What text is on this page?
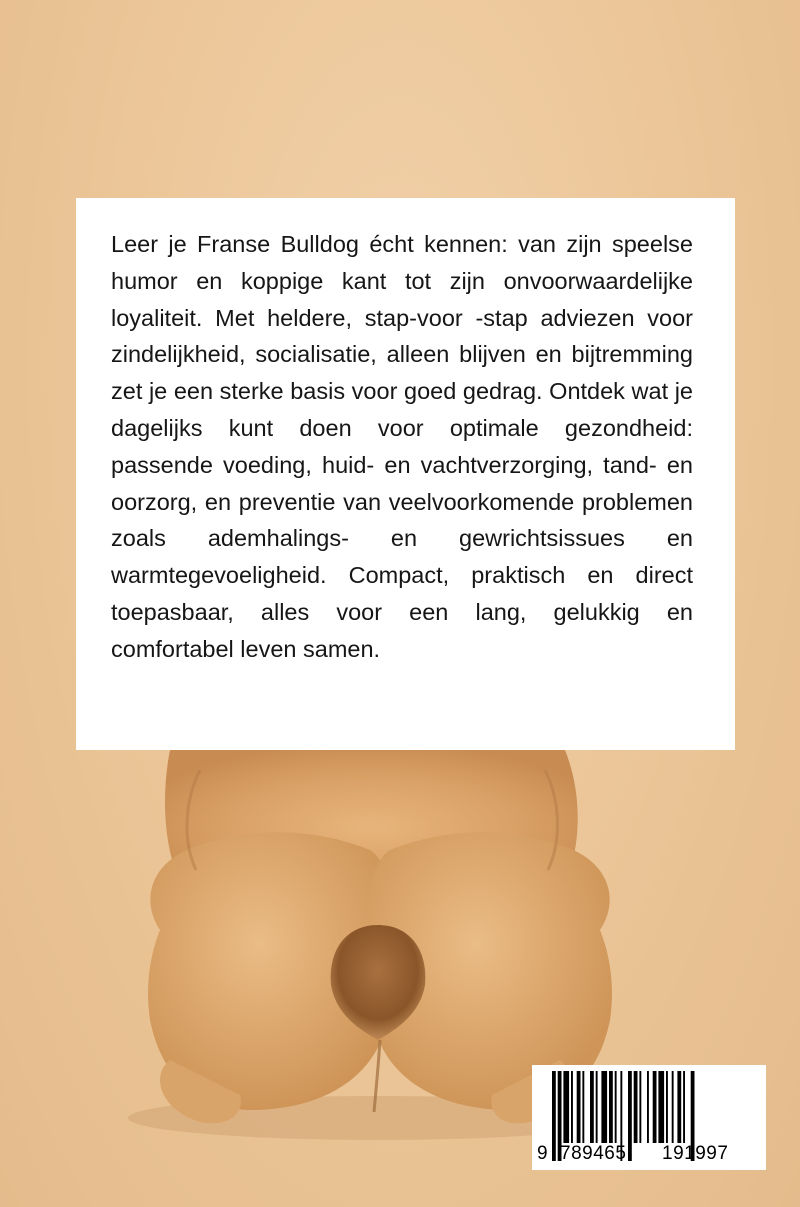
Leer je Franse Bulldog écht kennen: van zijn speelse humor en koppige kant tot zijn onvoorwaardelijke loyaliteit. Met heldere, stap-voor -stap adviezen voor zindelijkheid, socialisatie, alleen blijven en bijtremming zet je een sterke basis voor goed gedrag. Ontdek wat je dagelijks kunt doen voor optimale gezondheid: passende voeding, huid- en vachtverzorging, tand- en oorzorg, en preventie van veelvoorkomende problemen zoals ademhalings- en gewrichtsissues en warmtegevoeligheid. Compact, praktisch en direct toepasbaar, alles voor een lang, gelukkig en comfortabel leven samen.

9 789465 191997
